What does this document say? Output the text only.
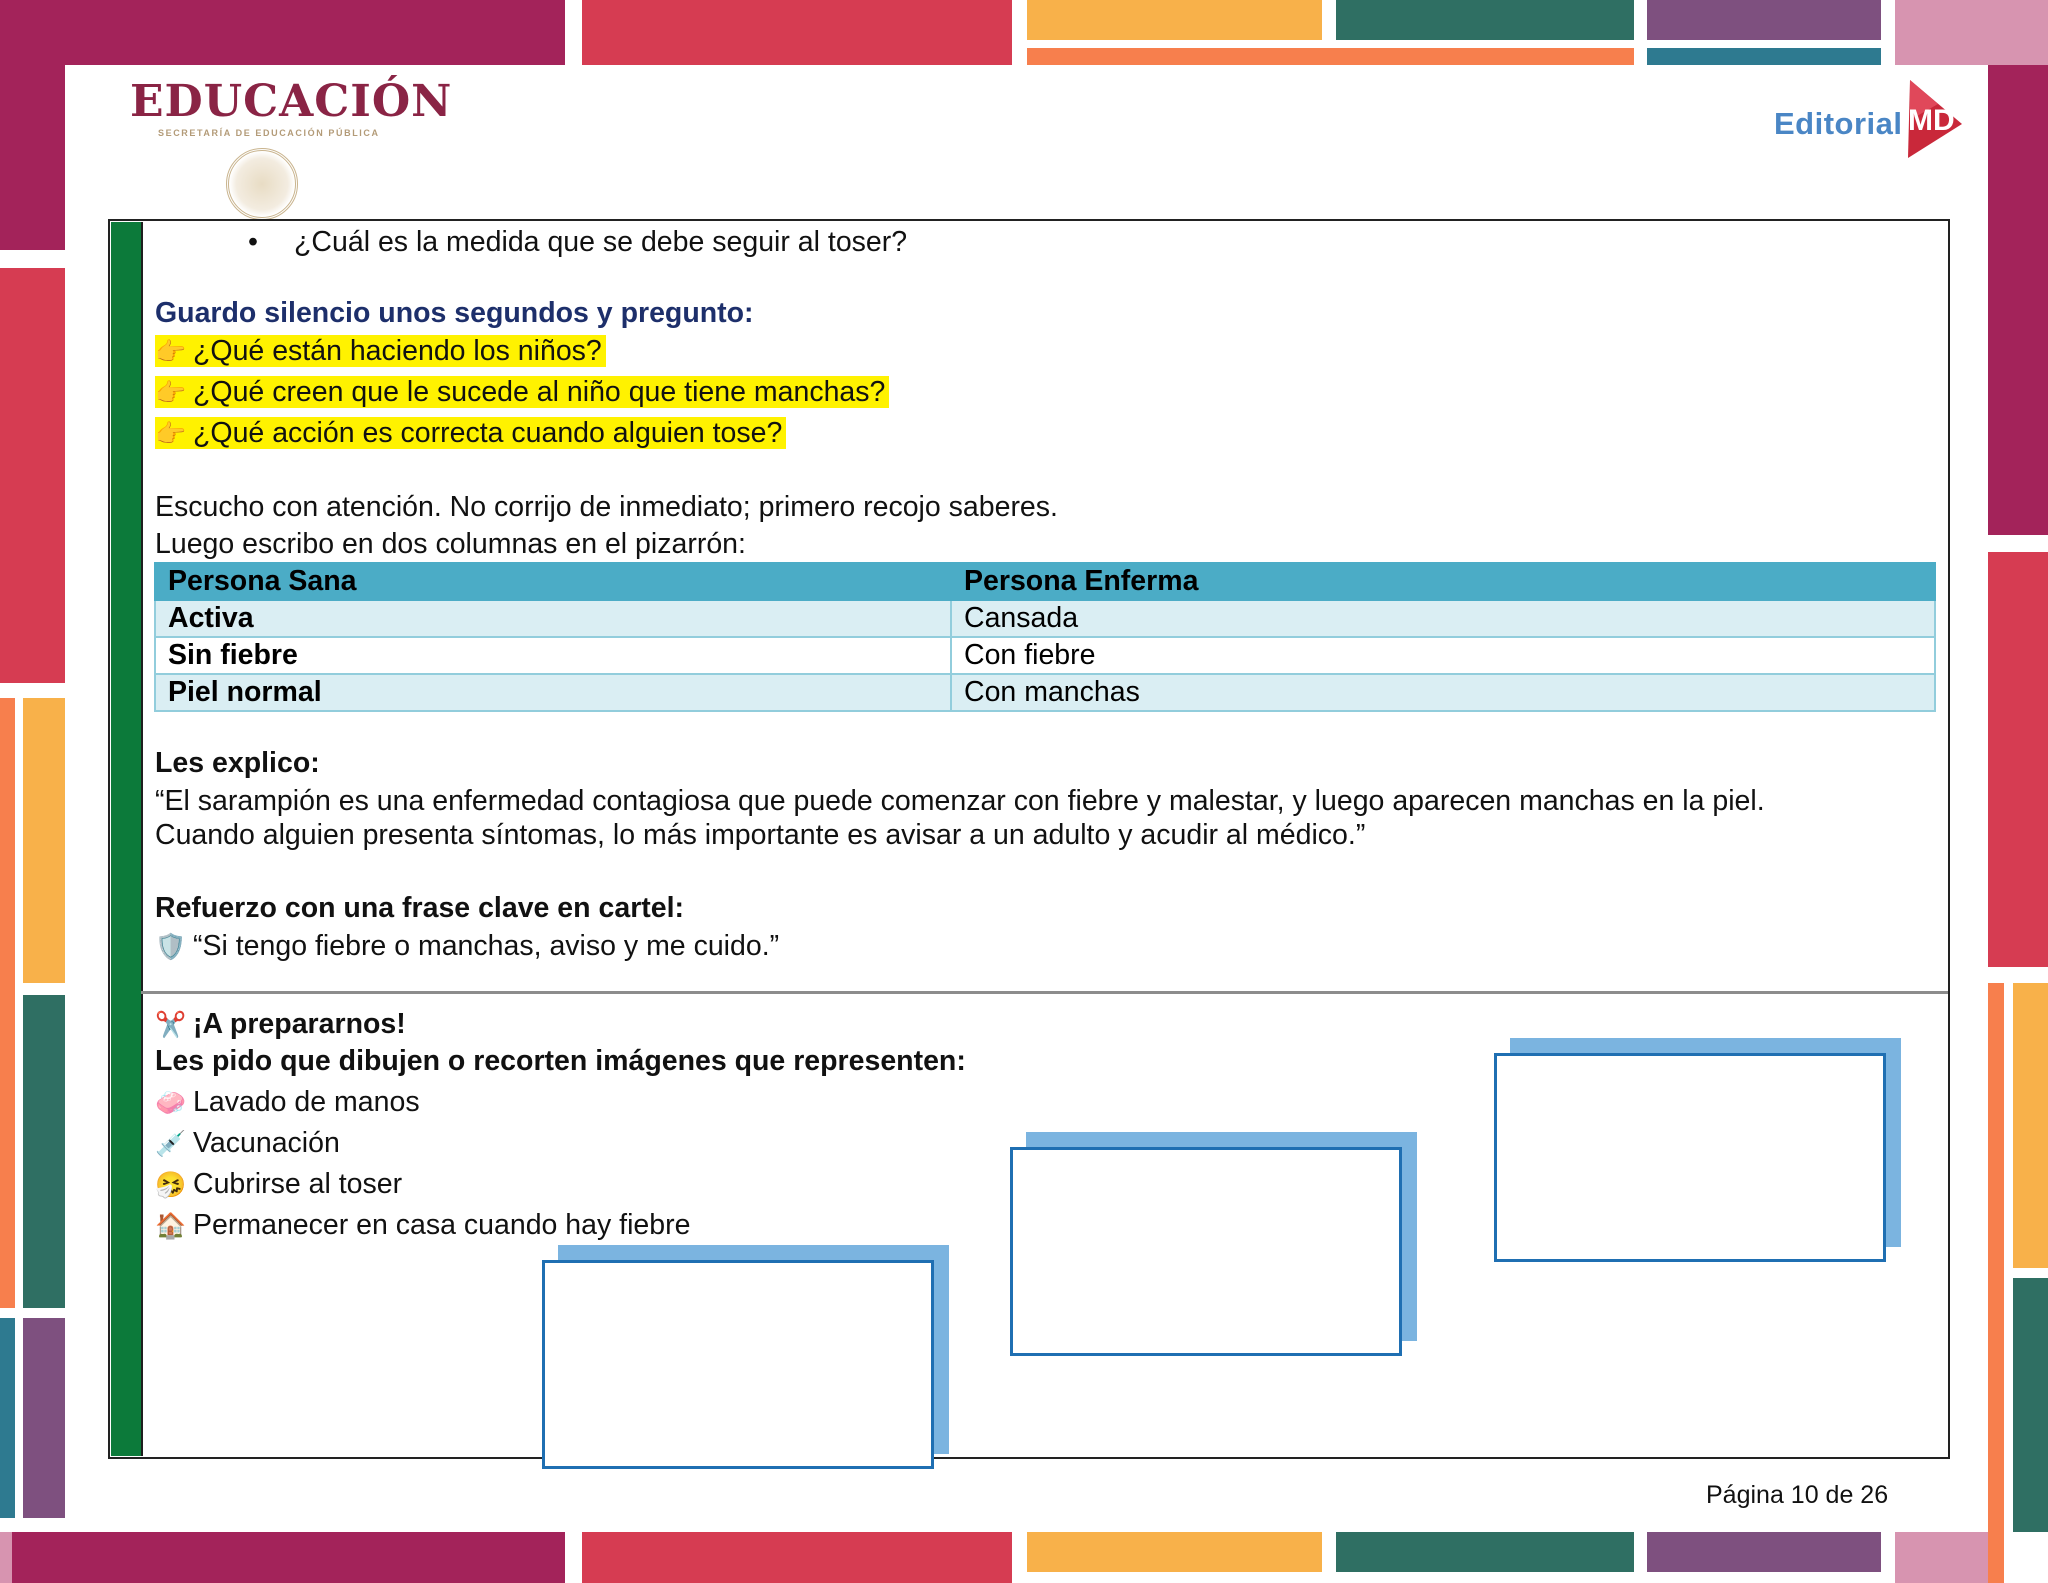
EDUCACIÓN
SECRETARÍA DE EDUCACIÓN PÚBLICA	Editorial MD
• ¿Cuál es la medida que se debe seguir al toser?
Guardo silencio unos segundos y pregunto:
👉 ¿Qué están haciendo los niños?
👉 ¿Qué creen que le sucede al niño que tiene manchas?
👉 ¿Qué acción es correcta cuando alguien tose?
Escucho con atención. No corrijo de inmediato; primero recojo saberes.
Luego escribo en dos columnas en el pizarrón:
Persona Sana	Persona Enferma
Activa	Cansada
Sin fiebre	Con fiebre
Piel normal	Con manchas
Les explico:
“El sarampión es una enfermedad contagiosa que puede comenzar con fiebre y malestar, y luego aparecen manchas en la piel.
Cuando alguien presenta síntomas, lo más importante es avisar a un adulto y acudir al médico.”
Refuerzo con una frase clave en cartel:
🛡️ “Si tengo fiebre o manchas, aviso y me cuido.”
✂️ ¡A prepararnos!
Les pido que dibujen o recorten imágenes que representen:
🧼 Lavado de manos
💉 Vacunación
🤧 Cubrirse al toser
🏠 Permanecer en casa cuando hay fiebre
Página 10 de 26
